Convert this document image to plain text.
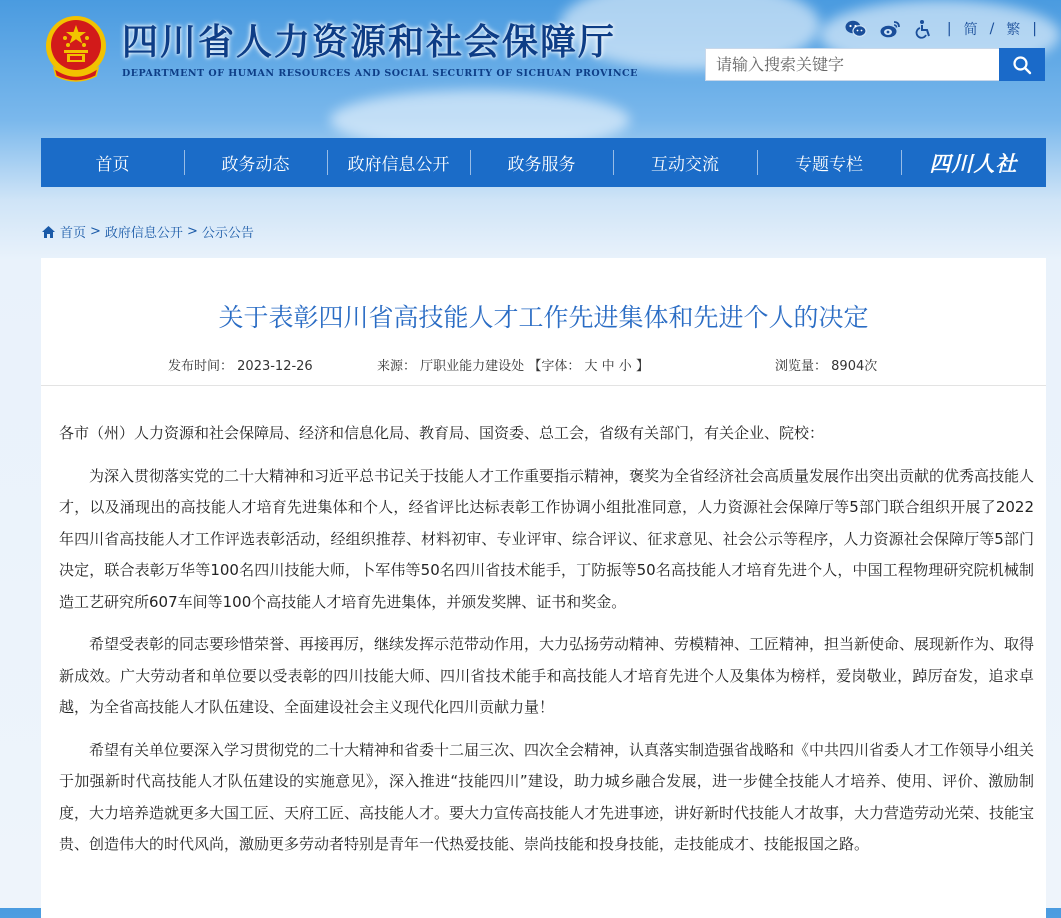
四川省人力资源和社会保障厅
DEPARTMENT OF HUMAN RESOURCES AND SOCIAL SECURITY OF SICHUAN PROVINCE
| 简 / 繁 |
请输入搜索关键字
首页	政务动态	政府信息公开	政务服务	互动交流	专题专栏	四川人社
首页 > 政府信息公开 > 公示公告
关于表彰四川省高技能人才工作先进集体和先进个人的决定
发布时间： 2023-12-26	来源： 厅职业能力建设处 【字体： 大 中 小 】	浏览量： 8904次

各市（州）人力资源和社会保障局、经济和信息化局、教育局、国资委、总工会，省级有关部门，有关企业、院校：

为深入贯彻落实党的二十大精神和习近平总书记关于技能人才工作重要指示精神，褒奖为全省经济社会高质量发展作出突出贡献的优秀高技能人才，以及涌现出的高技能人才培育先进集体和个人，经省评比达标表彰工作协调小组批准同意，人力资源社会保障厅等5部门联合组织开展了2022年四川省高技能人才工作评选表彰活动，经组织推荐、材料初审、专业评审、综合评议、征求意见、社会公示等程序，人力资源社会保障厅等5部门决定，联合表彰万华等100名四川技能大师，卜军伟等50名四川省技术能手，丁防振等50名高技能人才培育先进个人，中国工程物理研究院机械制造工艺研究所607车间等100个高技能人才培育先进集体，并颁发奖牌、证书和奖金。

希望受表彰的同志要珍惜荣誉、再接再厉，继续发挥示范带动作用，大力弘扬劳动精神、劳模精神、工匠精神，担当新使命、展现新作为、取得新成效。广大劳动者和单位要以受表彰的四川技能大师、四川省技术能手和高技能人才培育先进个人及集体为榜样，爱岗敬业，踔厉奋发，追求卓越，为全省高技能人才队伍建设、全面建设社会主义现代化四川贡献力量！

希望有关单位要深入学习贯彻党的二十大精神和省委十二届三次、四次全会精神，认真落实制造强省战略和《中共四川省委人才工作领导小组关于加强新时代高技能人才队伍建设的实施意见》，深入推进“技能四川”建设，助力城乡融合发展，进一步健全技能人才培养、使用、评价、激励制度，大力培养造就更多大国工匠、天府工匠、高技能人才。要大力宣传高技能人才先进事迹，讲好新时代技能人才故事，大力营造劳动光荣、技能宝贵、创造伟大的时代风尚，激励更多劳动者特别是青年一代热爱技能、崇尚技能和投身技能，走技能成才、技能报国之路。
